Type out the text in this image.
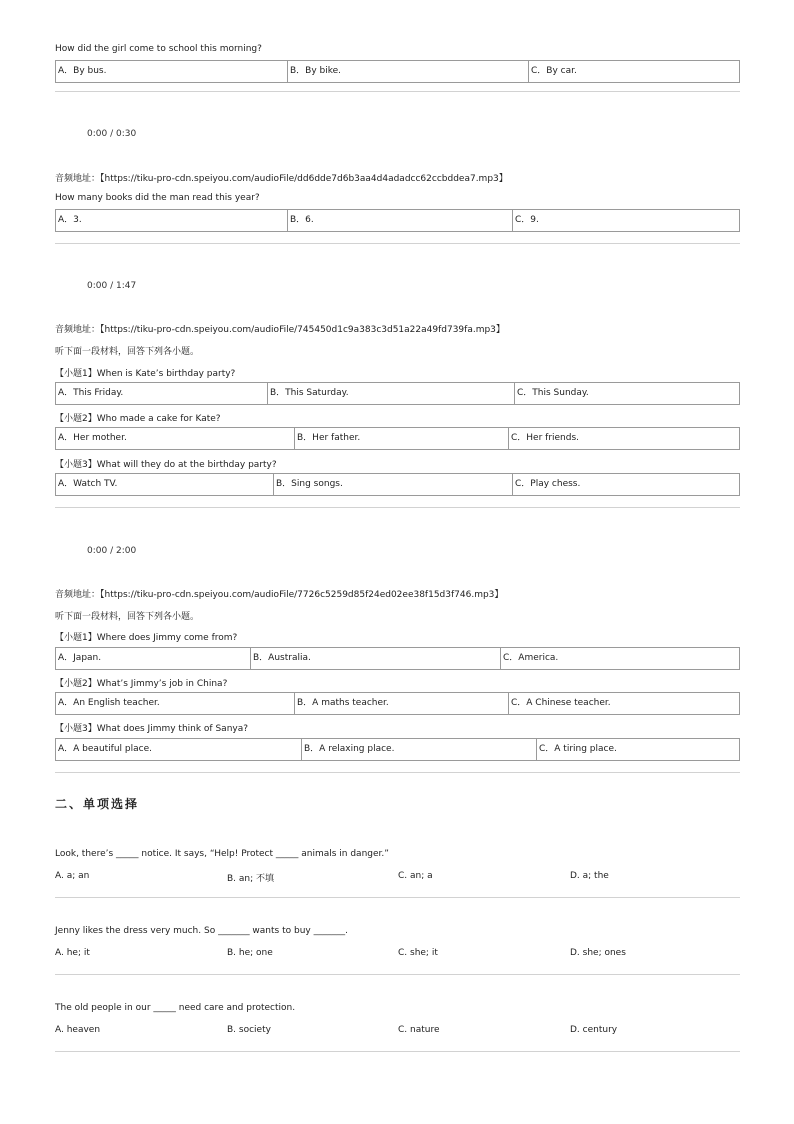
How did the girl come to school this morning?
A．By bus.	B．By bike.	C．By car.
0:00 / 0:30
音频地址：【https://tiku-pro-cdn.speiyou.com/audioFile/dd6dde7d6b3aa4d4adadcc62ccbddea7.mp3】
How many books did the man read this year?
A．3.	B．6.	C．9.
0:00 / 1:47
音频地址：【https://tiku-pro-cdn.speiyou.com/audioFile/745450d1c9a383c3d51a22a49fd739fa.mp3】
听下面一段材料，回答下列各小题。
【小题1】When is Kate’s birthday party?
A．This Friday.	B．This Saturday.	C．This Sunday.
【小题2】Who made a cake for Kate?
A．Her mother.	B．Her father.	C．Her friends.
【小题3】What will they do at the birthday party?
A．Watch TV.	B．Sing songs.	C．Play chess.
0:00 / 2:00
音频地址：【https://tiku-pro-cdn.speiyou.com/audioFile/7726c5259d85f24ed02ee38f15d3f746.mp3】
听下面一段材料，回答下列各小题。
【小题1】Where does Jimmy come from?
A．Japan.	B．Australia.	C．America.
【小题2】What’s Jimmy’s job in China?
A．An English teacher.	B．A maths teacher.	C．A Chinese teacher.
【小题3】What does Jimmy think of Sanya?
A．A beautiful place.	B．A relaxing place.	C．A tiring place.
二、单项选择
Look, there’s _____ notice. It says, “Help! Protect _____ animals in danger.”
A. a; an	B. an; 不填	C. an; a	D. a; the
Jenny likes the dress very much. So _______ wants to buy _______.
A. he; it	B. he; one	C. she; it	D. she; ones
The old people in our _____ need care and protection.
A. heaven	B. society	C. nature	D. century
